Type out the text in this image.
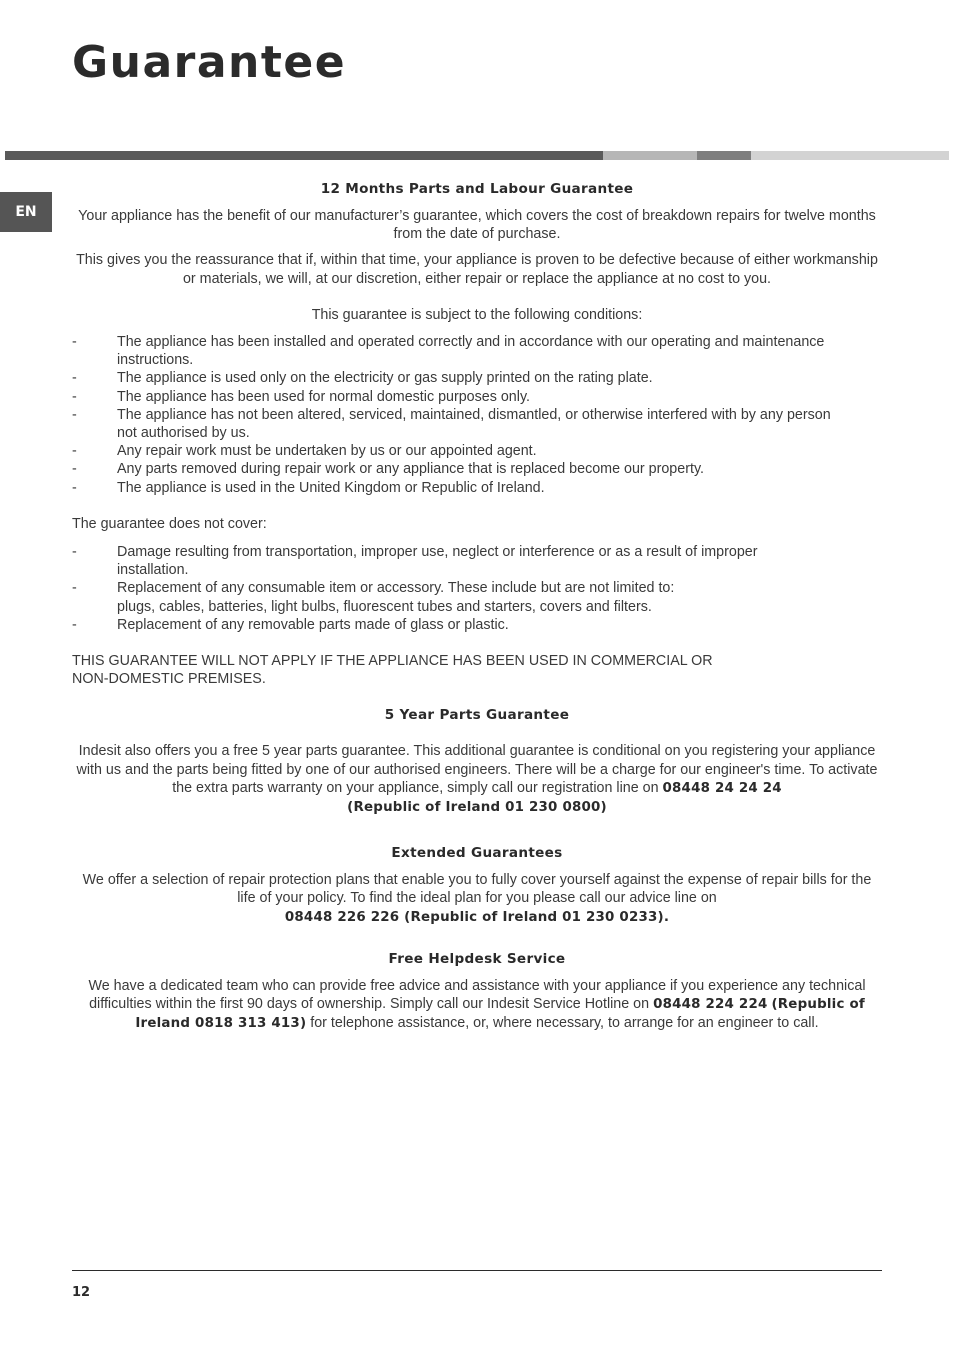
Guarantee
EN
12 Months Parts and Labour Guarantee

Your appliance has the benefit of our manufacturer’s guarantee, which covers the cost of breakdown repairs for twelve months from the date of purchase.

This gives you the reassurance that if, within that time, your appliance is proven to be defective because of either workmanship or materials, we will, at our discretion, either repair or replace the appliance at no cost to you.

This guarantee is subject to the following conditions:

-	The appliance has been installed and operated correctly and in accordance with our operating and maintenance instructions.
-	The appliance is used only on the electricity or gas supply printed on the rating plate.
-	The appliance has been used for normal domestic purposes only.
-	The appliance has not been altered, serviced, maintained, dismantled, or otherwise interfered with by any person not authorised by us.
-	Any repair work must be undertaken by us or our appointed agent.
-	Any parts removed during repair work or any appliance that is replaced become our property.
-	The appliance is used in the United Kingdom or Republic of Ireland.

The guarantee does not cover:

-	Damage resulting from transportation, improper use, neglect or interference or as a result of improper installation.
-	Replacement of any consumable item or accessory. These include but are not limited to:
plugs, cables, batteries, light bulbs, fluorescent tubes and starters, covers and filters.
-	Replacement of any removable parts made of glass or plastic.

THIS GUARANTEE WILL NOT APPLY IF THE APPLIANCE HAS BEEN USED IN COMMERCIAL OR
NON-DOMESTIC PREMISES.

5 Year Parts Guarantee

Indesit also offers you a free 5 year parts guarantee. This additional guarantee is conditional on you registering your appliance with us and the parts being fitted by one of our authorised engineers. There will be a charge for our engineer's time. To activate the extra parts warranty on your appliance, simply call our registration line on 08448 24 24 24
(Republic of Ireland 01 230 0800)

Extended Guarantees

We offer a selection of repair protection plans that enable you to fully cover yourself against the expense of repair bills for the life of your policy. To find the ideal plan for you please call our advice line on
08448 226 226 (Republic of Ireland 01 230 0233).

Free Helpdesk Service

We have a dedicated team who can provide free advice and assistance with your appliance if you experience any technical difficulties within the first 90 days of ownership. Simply call our Indesit Service Hotline on 08448 224 224 (Republic of Ireland 0818 313 413) for telephone assistance, or, where necessary, to arrange for an engineer to call.

12
